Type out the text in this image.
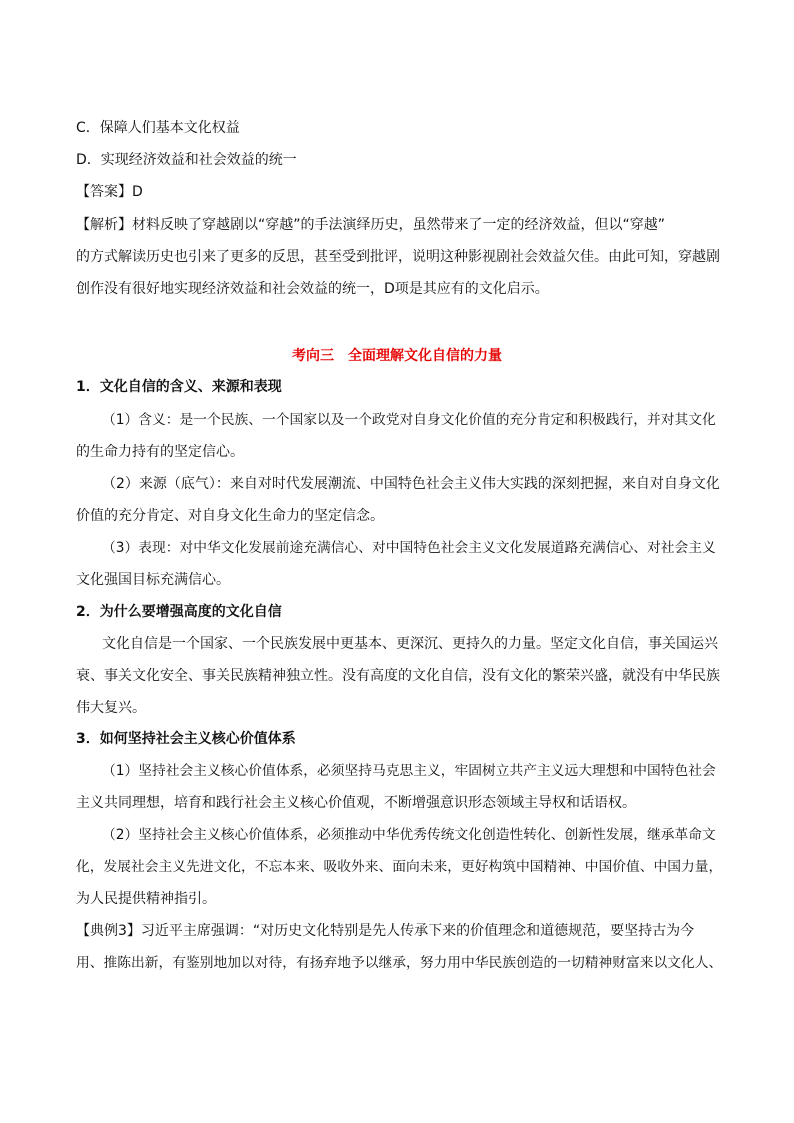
C．保障人们基本文化权益
D．实现经济效益和社会效益的统一
【答案】D
【解析】材料反映了穿越剧以“穿越”的手法演绎历史，虽然带来了一定的经济效益，但以“穿越”
的方式解读历史也引来了更多的反思，甚至受到批评，说明这种影视剧社会效益欠佳。由此可知，穿越剧
创作没有很好地实现经济效益和社会效益的统一，D项是其应有的文化启示。
考向三　全面理解文化自信的力量
1．文化自信的含义、来源和表现
（1）含义：是一个民族、一个国家以及一个政党对自身文化价值的充分肯定和积极践行，并对其文化
的生命力持有的坚定信心。
（2）来源（底气）：来自对时代发展潮流、中国特色社会主义伟大实践的深刻把握，来自对自身文化
价值的充分肯定、对自身文化生命力的坚定信念。
（3）表现：对中华文化发展前途充满信心、对中国特色社会主义文化发展道路充满信心、对社会主义
文化强国目标充满信心。
2．为什么要增强高度的文化自信
文化自信是一个国家、一个民族发展中更基本、更深沉、更持久的力量。坚定文化自信，事关国运兴
衰、事关文化安全、事关民族精神独立性。没有高度的文化自信，没有文化的繁荣兴盛，就没有中华民族
伟大复兴。
3．如何坚持社会主义核心价值体系
（1）坚持社会主义核心价值体系，必须坚持马克思主义，牢固树立共产主义远大理想和中国特色社会
主义共同理想，培育和践行社会主义核心价值观，不断增强意识形态领域主导权和话语权。
（2）坚持社会主义核心价值体系，必须推动中华优秀传统文化创造性转化、创新性发展，继承革命文
化，发展社会主义先进文化，不忘本来、吸收外来、面向未来，更好构筑中国精神、中国价值、中国力量，
为人民提供精神指引。
【典例3】习近平主席强调：“对历史文化特别是先人传承下来的价值理念和道德规范，要坚持古为今
用、推陈出新，有鉴别地加以对待，有扬弃地予以继承，努力用中华民族创造的一切精神财富来以文化人、
